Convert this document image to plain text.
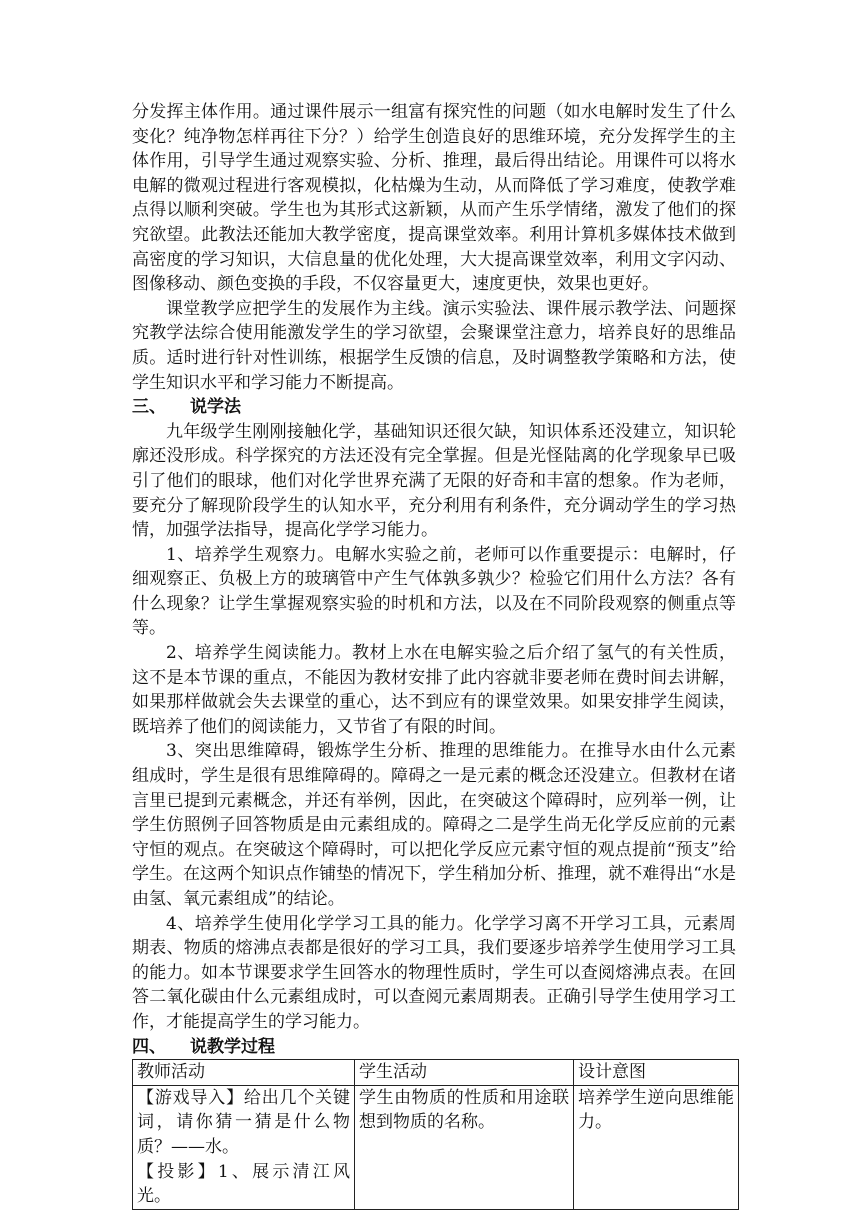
分发挥主体作用。通过课件展示一组富有探究性的问题（如水电解时发生了什么变化？纯净物怎样再往下分？）给学生创造良好的思维环境，充分发挥学生的主体作用，引导学生通过观察实验、分析、推理，最后得出结论。用课件可以将水电解的微观过程进行客观模拟，化枯燥为生动，从而降低了学习难度，使教学难点得以顺利突破。学生也为其形式这新颖，从而产生乐学情绪，激发了他们的探究欲望。此教法还能加大教学密度，提高课堂效率。利用计算机多媒体技术做到高密度的学习知识，大信息量的优化处理，大大提高课堂效率，利用文字闪动、图像移动、颜色变换的手段，不仅容量更大，速度更快，效果也更好。

课堂教学应把学生的发展作为主线。演示实验法、课件展示教学法、问题探究教学法综合使用能激发学生的学习欲望，会聚课堂注意力，培养良好的思维品质。适时进行针对性训练，根据学生反馈的信息，及时调整教学策略和方法，使学生知识水平和学习能力不断提高。

三、	说学法

九年级学生刚刚接触化学，基础知识还很欠缺，知识体系还没建立，知识轮廓还没形成。科学探究的方法还没有完全掌握。但是光怪陆离的化学现象早已吸引了他们的眼球，他们对化学世界充满了无限的好奇和丰富的想象。作为老师，要充分了解现阶段学生的认知水平，充分利用有利条件，充分调动学生的学习热情，加强学法指导，提高化学学习能力。

1、培养学生观察力。电解水实验之前，老师可以作重要提示：电解时，仔细观察正、负极上方的玻璃管中产生气体孰多孰少？检验它们用什么方法？各有什么现象？让学生掌握观察实验的时机和方法，以及在不同阶段观察的侧重点等等。

2、培养学生阅读能力。教材上水在电解实验之后介绍了氢气的有关性质，这不是本节课的重点，不能因为教材安排了此内容就非要老师在费时间去讲解，如果那样做就会失去课堂的重心，达不到应有的课堂效果。如果安排学生阅读，既培养了他们的阅读能力，又节省了有限的时间。

3、突出思维障碍，锻炼学生分析、推理的思维能力。在推导水由什么元素组成时，学生是很有思维障碍的。障碍之一是元素的概念还没建立。但教材在诸言里已提到元素概念，并还有举例，因此，在突破这个障碍时，应列举一例，让学生仿照例子回答物质是由元素组成的。障碍之二是学生尚无化学反应前的元素守恒的观点。在突破这个障碍时，可以把化学反应元素守恒的观点提前“预支”给学生。在这两个知识点作铺垫的情况下，学生稍加分析、推理，就不难得出“水是由氢、氧元素组成”的结论。

4、培养学生使用化学学习工具的能力。化学学习离不开学习工具，元素周期表、物质的熔沸点表都是很好的学习工具，我们要逐步培养学生使用学习工具的能力。如本节课要求学生回答水的物理性质时，学生可以查阅熔沸点表。在回答二氧化碳由什么元素组成时，可以查阅元素周期表。正确引导学生使用学习工作，才能提高学生的学习能力。

四、	说教学过程
教师活动	学生活动	设计意图

【游戏导入】给出几个关键词，请你猜一猜是什么物质？——水。
【投影】1、展示清江风光。	学生由物质的性质和用途联想到物质的名称。	培养学生逆向思维能力。
